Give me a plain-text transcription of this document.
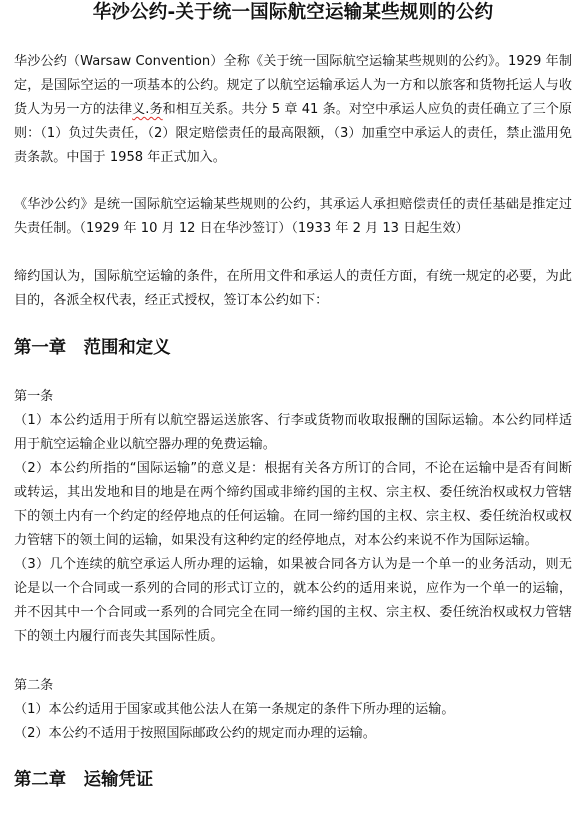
华沙公约-关于统一国际航空运输某些规则的公约

华沙公约（Warsaw Convention）全称《关于统一国际航空运输某些规则的公约》。1929 年制定，是国际空运的一项基本的公约。规定了以航空运输承运人为一方和以旅客和货物托运人与收货人为另一方的法律义.务和相互关系。共分 5 章 41 条。对空中承运人应负的责任确立了三个原则：（1）负过失责任，（2）限定赔偿责任的最高限额，（3）加重空中承运人的责任，禁止滥用免责条款。中国于 1958 年正式加入。

《华沙公约》是统一国际航空运输某些规则的公约，其承运人承担赔偿责任的责任基础是推定过失责任制。（1929 年 10 月 12 日在华沙签订）（1933 年 2 月 13 日起生效）

缔约国认为，国际航空运输的条件，在所用文件和承运人的责任方面，有统一规定的必要，为此目的，各派全权代表，经正式授权，签订本公约如下：

第一章　范围和定义

第一条

（1）本公约适用于所有以航空器运送旅客、行李或货物而收取报酬的国际运输。本公约同样适用于航空运输企业以航空器办理的免费运输。

（2）本公约所指的“国际运输”的意义是：根据有关各方所订的合同，不论在运输中是否有间断或转运，其出发地和目的地是在两个缔约国或非缔约国的主权、宗主权、委任统治权或权力管辖下的领土内有一个约定的经停地点的任何运输。在同一缔约国的主权、宗主权、委任统治权或权力管辖下的领土间的运输，如果没有这种约定的经停地点，对本公约来说不作为国际运输。

（3）几个连续的航空承运人所办理的运输，如果被合同各方认为是一个单一的业务活动，则无论是以一个合同或一系列的合同的形式订立的，就本公约的适用来说，应作为一个单一的运输，并不因其中一个合同或一系列的合同完全在同一缔约国的主权、宗主权、委任统治权或权力管辖下的领土内履行而丧失其国际性质。

第二条

（1）本公约适用于国家或其他公法人在第一条规定的条件下所办理的运输。

（2）本公约不适用于按照国际邮政公约的规定而办理的运输。

第二章　运输凭证
